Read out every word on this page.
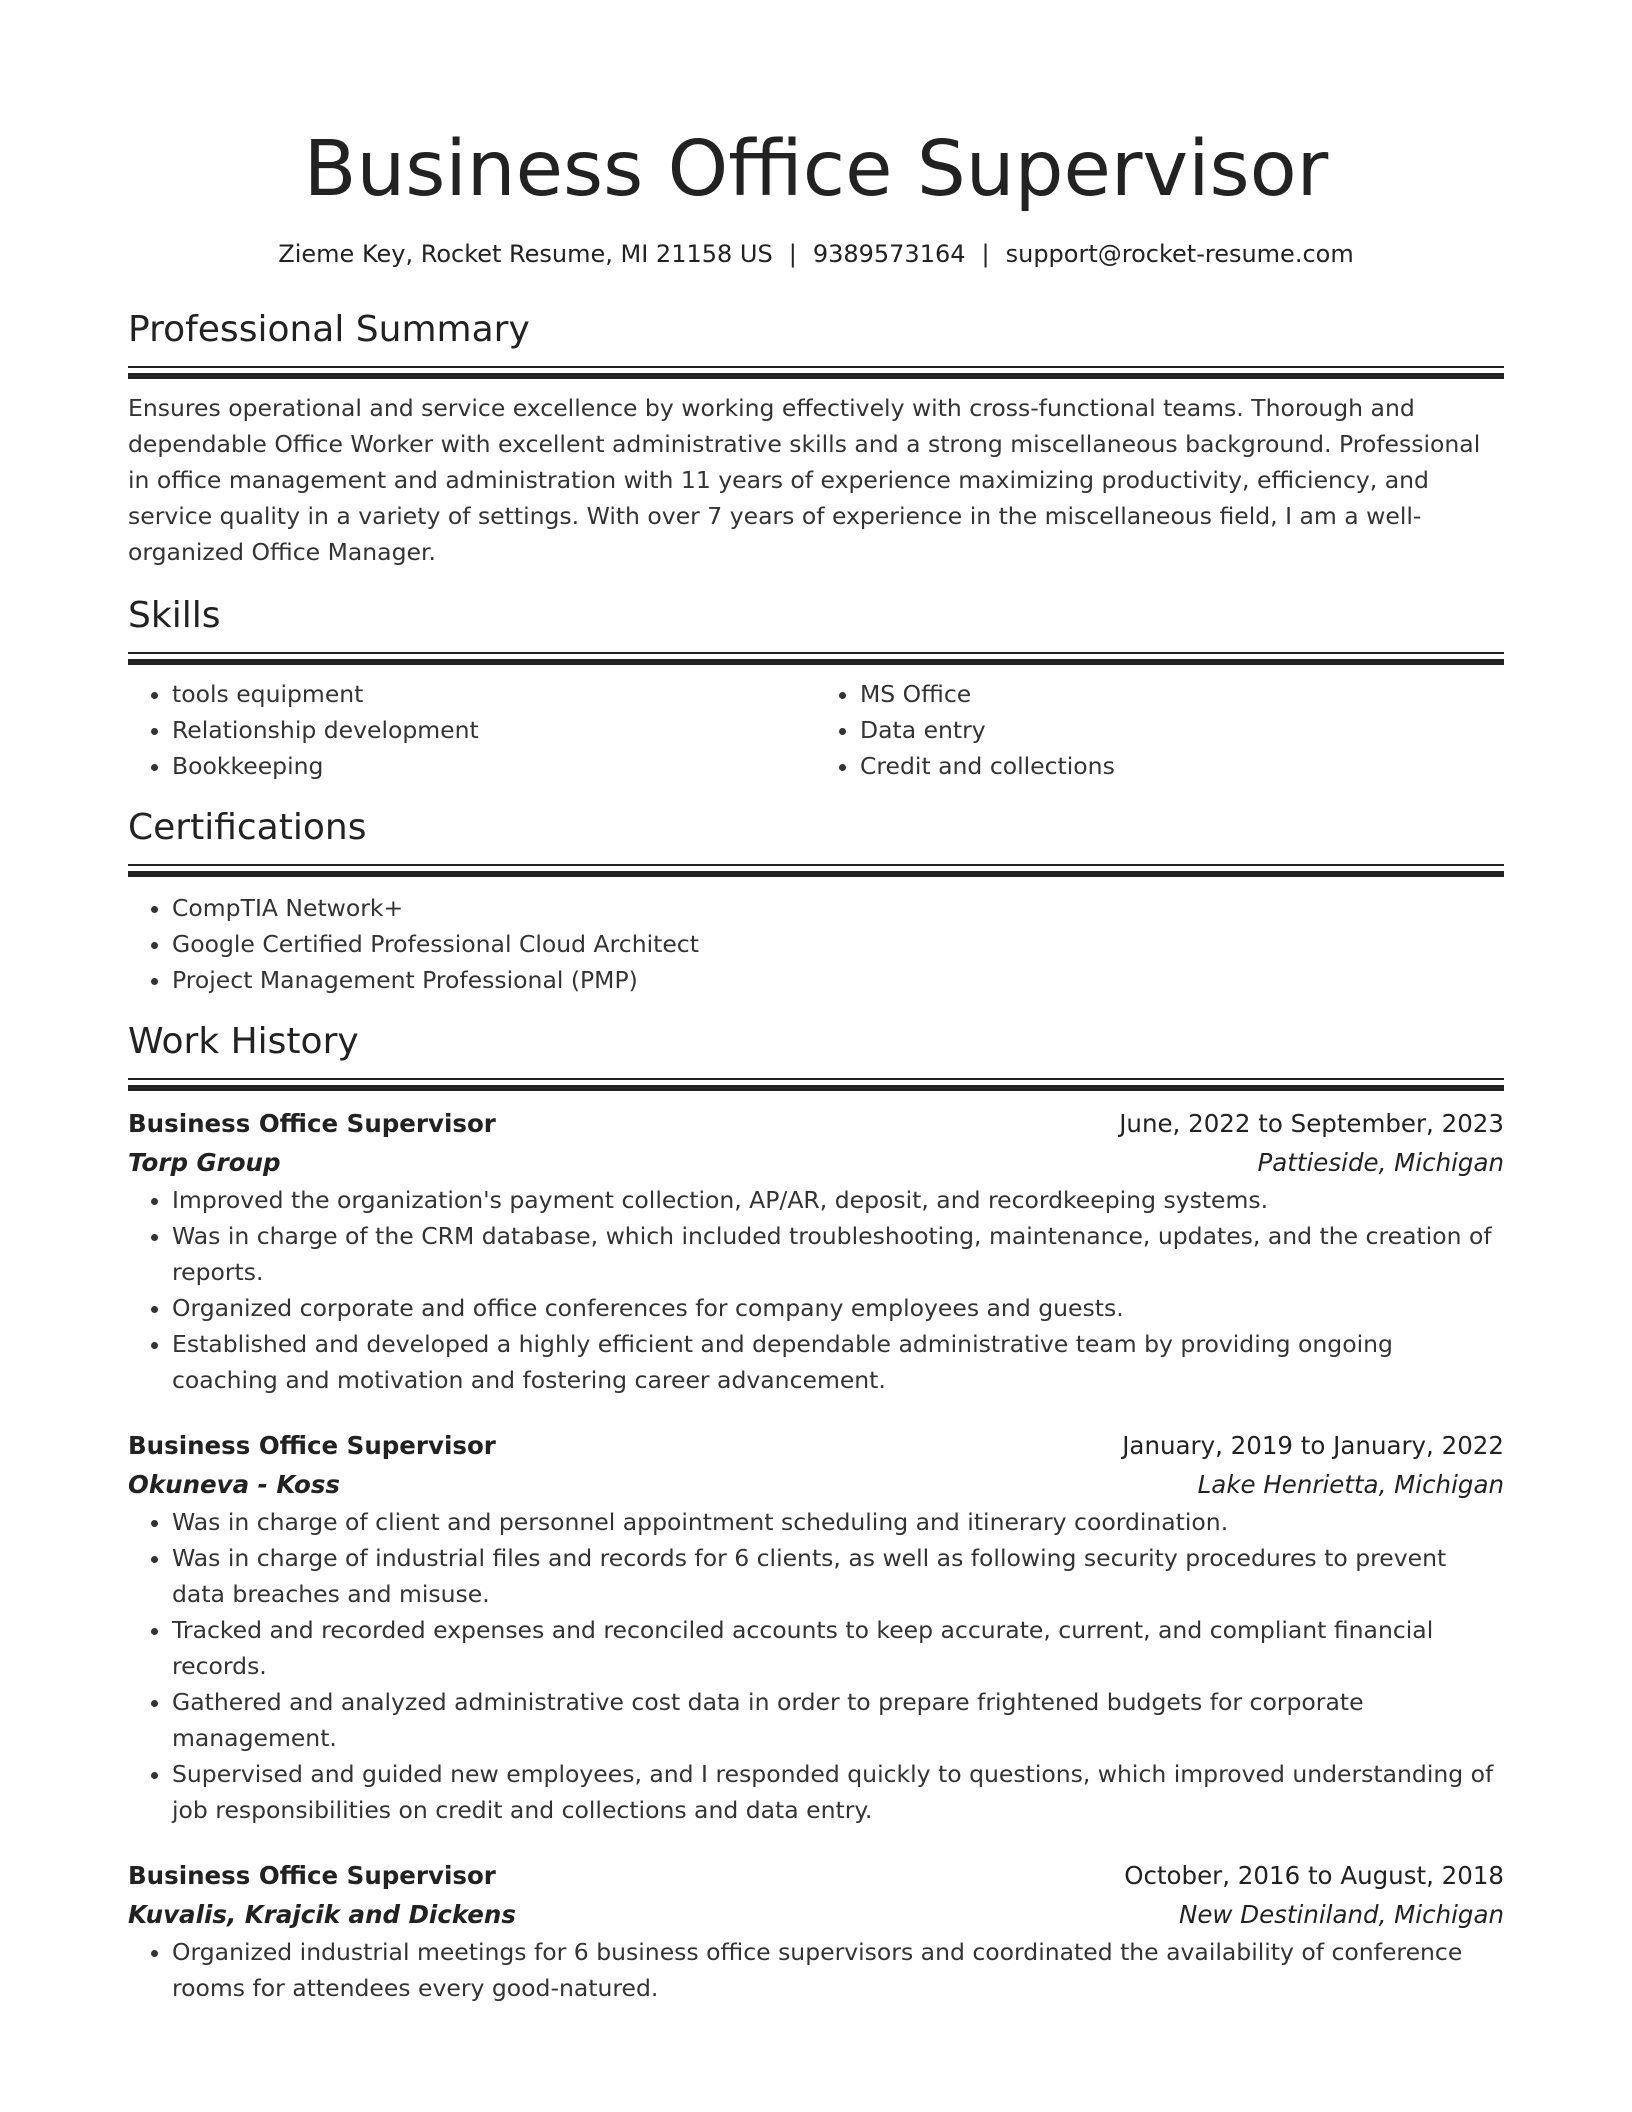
Business Office Supervisor
Zieme Key, Rocket Resume, MI 21158 US | 9389573164 | support@rocket-resume.com
Professional Summary

Ensures operational and service excellence by working effectively with cross-functional teams. Thorough and dependable Office Worker with excellent administrative skills and a strong miscellaneous background. Professional in office management and administration with 11 years of experience maximizing productivity, efficiency, and service quality in a variety of settings. With over 7 years of experience in the miscellaneous field, I am a well-organized Office Manager.

Skills
• tools equipment
• Relationship development
• Bookkeeping
• MS Office
• Data entry
• Credit and collections
Certifications
• CompTIA Network+
• Google Certified Professional Cloud Architect
• Project Management Professional (PMP)
Work History
Business Office Supervisor	June, 2022 to September, 2023
Torp Group	Pattieside, Michigan
• Improved the organization's payment collection, AP/AR, deposit, and recordkeeping systems.
• Was in charge of the CRM database, which included troubleshooting, maintenance, updates, and the creation of reports.
• Organized corporate and office conferences for company employees and guests.
• Established and developed a highly efficient and dependable administrative team by providing ongoing coaching and motivation and fostering career advancement.
Business Office Supervisor	January, 2019 to January, 2022
Okuneva - Koss	Lake Henrietta, Michigan
• Was in charge of client and personnel appointment scheduling and itinerary coordination.
• Was in charge of industrial files and records for 6 clients, as well as following security procedures to prevent data breaches and misuse.
• Tracked and recorded expenses and reconciled accounts to keep accurate, current, and compliant financial records.
• Gathered and analyzed administrative cost data in order to prepare frightened budgets for corporate management.
• Supervised and guided new employees, and I responded quickly to questions, which improved understanding of job responsibilities on credit and collections and data entry.
Business Office Supervisor	October, 2016 to August, 2018
Kuvalis, Krajcik and Dickens	New Destiniland, Michigan
• Organized industrial meetings for 6 business office supervisors and coordinated the availability of conference rooms for attendees every good-natured.
